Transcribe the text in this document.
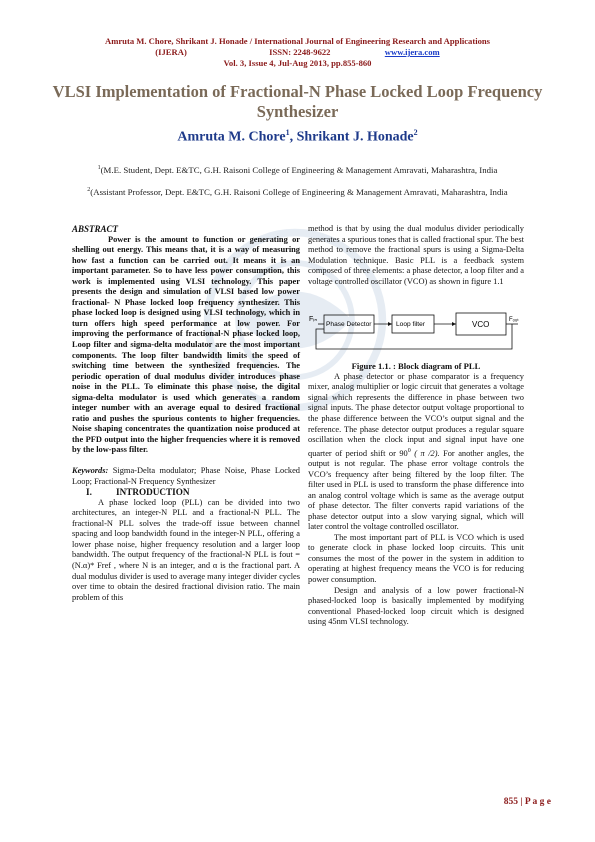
Amruta M. Chore, Shrikant J. Honade / International Journal of Engineering Research and Applications
(IJERA)	ISSN: 2248-9622	www.ijera.com
Vol. 3, Issue 4, Jul-Aug 2013, pp.855-860
VLSI Implementation of Fractional-N Phase Locked Loop Frequency Synthesizer
Amruta M. Chore$^1$, Shrikant J. Honade$^2$
$^1$(M.E. Student, Dept. E&TC, G.H. Raisoni College of Engineering & Management Amravati, Maharashtra, India
$^2$(Assistant Professor, Dept. E&TC, G.H. Raisoni College of Engineering & Management Amravati, Maharashtra, India

ABSTRACT

Power is the amount to function or generating or shelling out energy. This means that, it is a way of measuring how fast a function can be carried out. It means it is an important parameter. So to have less power consumption, this work is implemented using VLSI technology. This paper presents the design and simulation of VLSI based low power fractional- N Phase locked loop frequency synthesizer. This phase locked loop is designed using VLSI technology, which in turn offers high speed performance at low power. For improving the performance of fractional-N phase locked loop, Loop filter and sigma-delta modulator are the most important components. The loop filter bandwidth limits the speed of switching time between the synthesized frequencies. The periodic operation of dual modulus divider introduces phase noise in the PLL. To eliminate this phase noise, the digital sigma-delta modulator is used which generates a random integer number with an average equal to desired fractional ratio and pushes the spurious contents to higher frequencies. Noise shaping concentrates the quantization noise produced at the PFD output into the higher frequencies where it is removed by the low-pass filter.

Keywords: Sigma-Delta modulator; Phase Noise, Phase Locked Loop; Fractional-N Frequency Synthesizer

I.	INTRODUCTION

A phase locked loop (PLL) can be divided into two architectures, an integer-N PLL and a fractional-N PLL. The fractional-N PLL solves the trade-off issue between channel spacing and loop bandwidth found in the integer-N PLL, offering a lower phase noise, higher frequency resolution and a larger loop bandwidth. The output frequency of the fractional-N PLL is fout = (N.α)* Fref , where N is an integer, and α is the fractional part. A dual modulus divider is used to average many integer divider cycles over time to obtain the desired fractional division ratio. The main problem of this

method is that by using the dual modulus divider periodically generates a spurious tones that is called fractional spur. The best method to remove the fractional spurs is using a Sigma-Delta Modulation technique. Basic PLL is a feedback system composed of three elements: a phase detector, a loop filter and a voltage controlled oscillator (VCO) as shown in figure 1.1

Fᵢₙ
Phase Detector	Loop filter	VCO	Fₒᵤₜ

Figure 1.1. : Block diagram of PLL

A phase detector or phase comparator is a frequency mixer, analog multiplier or logic circuit that generates a voltage signal which represents the difference in phase between two signal inputs. The phase detector output voltage proportional to the phase difference between the VCO’s output signal and the reference. The phase detector output produces a regular square oscillation when the clock input and signal input have one quarter of period shift or $90^0$ ( π /2). For another angles, the output is not regular. The phase error voltage controls the VCO’s frequency after being filtered by the loop filter. The filter used in PLL is used to transform the phase difference into an analog control voltage which is same as the average output of phase detector. The filter converts rapid variations of the phase detector output into a slow varying signal, which will later control the voltage controlled oscillator.

The most important part of PLL is VCO which is used to generate clock in phase locked loop circuits. This unit consumes the most of the power in the system in addition to operating at highest frequency means the VCO is for reducing power consumption.

Design and analysis of a low power fractional-N phased-locked loop is basically implemented by modifying conventional Phased-locked loop circuit which is designed using 45nm VLSI technology.

855 | P a g e
